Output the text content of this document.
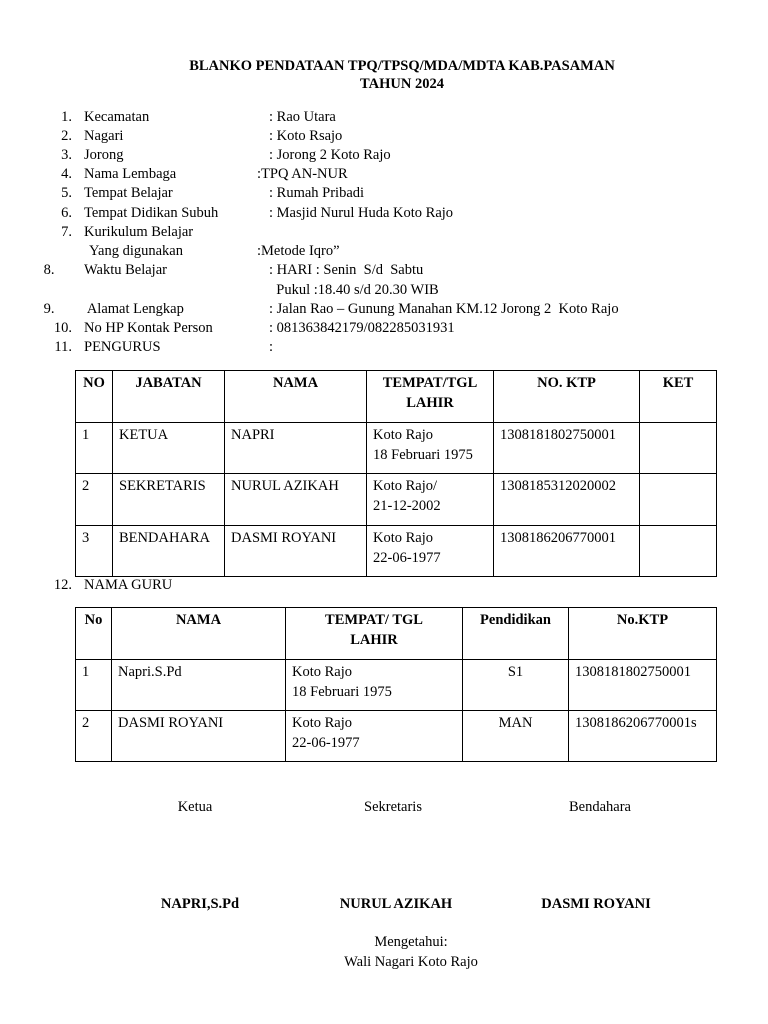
BLANKO PENDATAAN TPQ/TPSQ/MDA/MDTA KAB.PASAMAN
TAHUN 2024
1. Kecamatan	: Rao Utara
2. Nagari	: Koto Rsajo
3. Jorong	: Jorong 2 Koto Rajo
4. Nama Lembaga	:TPQ AN-NUR
5. Tempat Belajar	: Rumah Pribadi
6. Tempat Didikan Subuh	: Masjid Nurul Huda Koto Rajo
7. Kurikulum Belajar
Yang digunakan	:Metode Iqro”
8.	Waktu Belajar	: HARI : Senin  S/d  Sabtu
Pukul :18.40 s/d 20.30 WIB
9.	Alamat Lengkap	: Jalan Rao – Gunung Manahan KM.12 Jorong 2  Koto Rajo
10. No HP Kontak Person	: 081363842179/082285031931
11. PENGURUS	:
NO	JABATAN	NAMA	TEMPAT/TGL LAHIR	NO. KTP	KET
1	KETUA	NAPRI	Koto Rajo
18 Februari 1975	1308181802750001	
2	SEKRETARIS	NURUL AZIKAH	Koto Rajo/
21-12-2002	1308185312020002	
3	BENDAHARA	DASMI ROYANI	Koto Rajo
22-06-1977	1308186206770001	
12. NAMA GURU
No	NAMA	TEMPAT/ TGL LAHIR	Pendidikan	No.KTP
1	Napri.S.Pd	Koto Rajo
18 Februari 1975	S1	1308181802750001
2	DASMI ROYANI	Koto Rajo
22-06-1977	MAN	1308186206770001s
Ketua	Sekretaris	Bendahara
NAPRI,S.Pd	NURUL AZIKAH	DASMI ROYANI
Mengetahui:
Wali Nagari Koto Rajo
